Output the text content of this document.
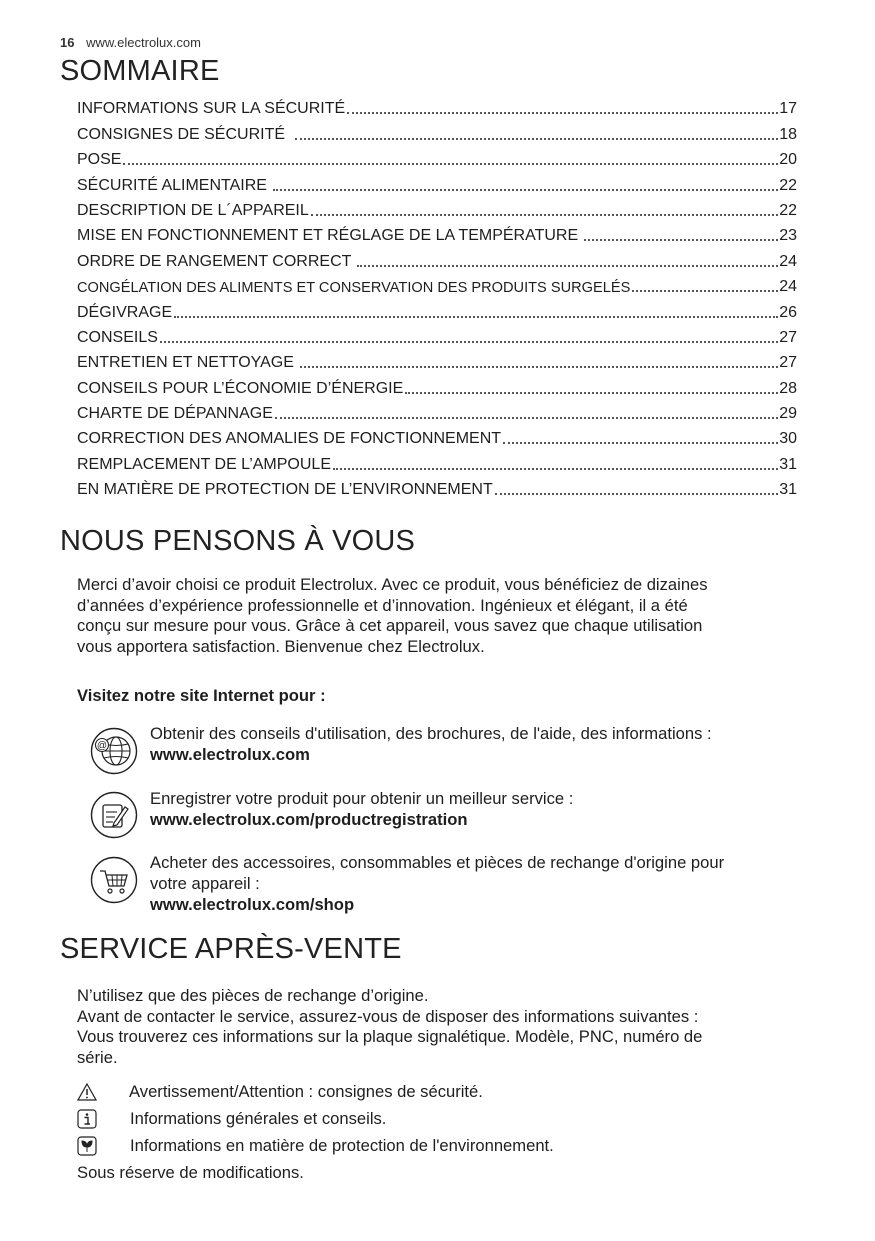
16 www.electrolux.com
SOMMAIRE
INFORMATIONS SUR LA SÉCURITÉ	17
CONSIGNES DE SÉCURITÉ	18
POSE	20
SÉCURITÉ ALIMENTAIRE	22
DESCRIPTION DE L´APPAREIL	22
MISE EN FONCTIONNEMENT ET RÉGLAGE DE LA TEMPÉRATURE	23
ORDRE DE RANGEMENT CORRECT	24
CONGÉLATION DES ALIMENTS ET CONSERVATION DES PRODUITS SURGELÉS	24
DÉGIVRAGE	26
CONSEILS	27
ENTRETIEN ET NETTOYAGE	27
CONSEILS POUR L’ÉCONOMIE D’ÉNERGIE	28
CHARTE DE DÉPANNAGE	29
CORRECTION DES ANOMALIES DE FONCTIONNEMENT	30
REMPLACEMENT DE L’AMPOULE	31
EN MATIÈRE DE PROTECTION DE L’ENVIRONNEMENT	31
NOUS PENSONS À VOUS
Merci d’avoir choisi ce produit Electrolux. Avec ce produit, vous bénéficiez de dizaines
d’années d’expérience professionnelle et d’innovation. Ingénieux et élégant, il a été
conçu sur mesure pour vous. Grâce à cet appareil, vous savez que chaque utilisation
vous apportera satisfaction. Bienvenue chez Electrolux.
Visitez notre site Internet pour :
@
Obtenir des conseils d'utilisation, des brochures, de l'aide, des informations :
www.electrolux.com
Enregistrer votre produit pour obtenir un meilleur service :
www.electrolux.com/productregistration
Acheter des accessoires, consommables et pièces de rechange d'origine pour
votre appareil :
www.electrolux.com/shop
SERVICE APRÈS-VENTE
N’utilisez que des pièces de rechange d’origine.
Avant de contacter le service, assurez-vous de disposer des informations suivantes :
Vous trouverez ces informations sur la plaque signalétique. Modèle, PNC, numéro de
série.
Avertissement/Attention : consignes de sécurité.
Informations générales et conseils.
Informations en matière de protection de l'environnement.
Sous réserve de modifications.
